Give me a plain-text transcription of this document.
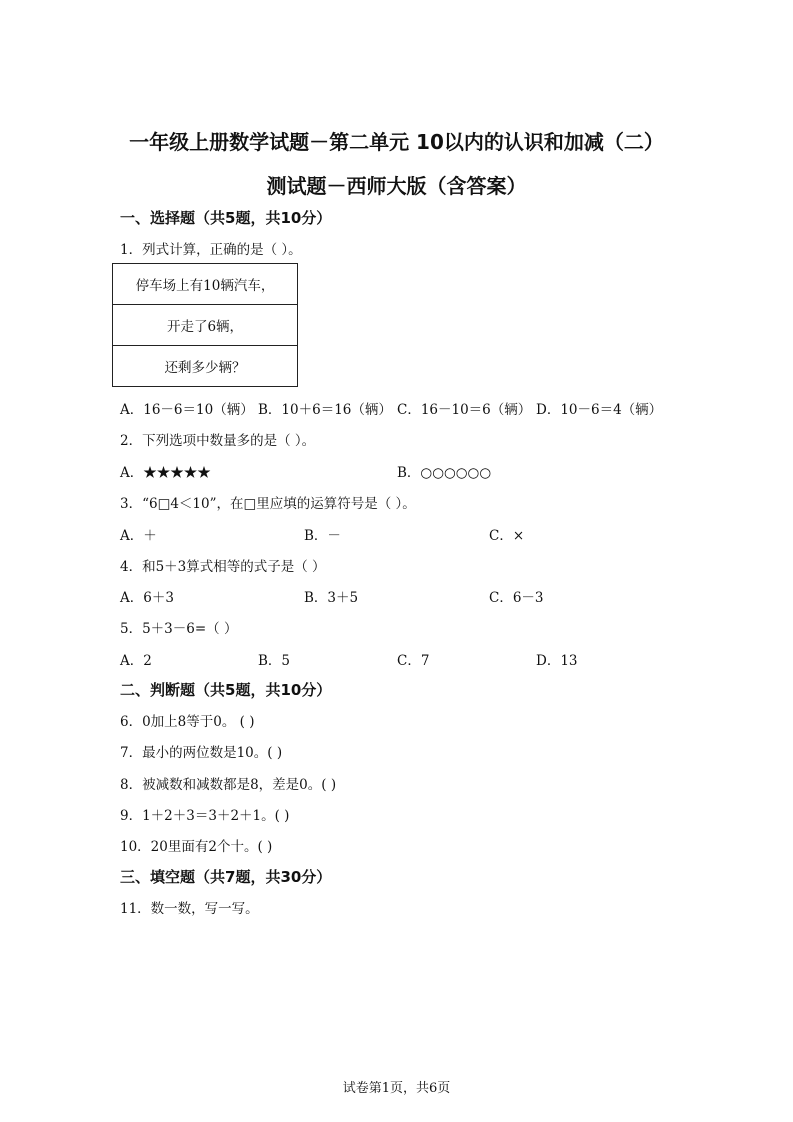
一年级上册数学试题－第二单元 10以内的认识和加减（二）
测试题－西师大版（含答案）
一、选择题（共5题，共10分）
1．列式计算，正确的是（ ）。
停车场上有10辆汽车，
开走了6辆，
还剩多少辆？
A．16－6＝10（辆） B．10＋6＝16（辆） C．16－10＝6（辆） D．10－6＝4（辆）
2．下列选项中数量多的是（ ）。
A．★★★★★	B．○○○○○○
3．“6□4＜10”，在□里应填的运算符号是（ ）。
A．＋	B．－	C．×
4．和5＋3算式相等的式子是（ ）
A．6＋3	B．3＋5	C．6－3
5．5＋3－6=（ ）
A．2	B．5	C．7	D．13
二、判断题（共5题，共10分）
6．0加上8等于0。 ( )
7．最小的两位数是10。( )
8．被减数和减数都是8，差是0。( )
9．1＋2＋3＝3＋2＋1。( )
10．20里面有2个十。( )
三、填空题（共7题，共30分）
11．数一数，写一写。
试卷第1页，共6页
